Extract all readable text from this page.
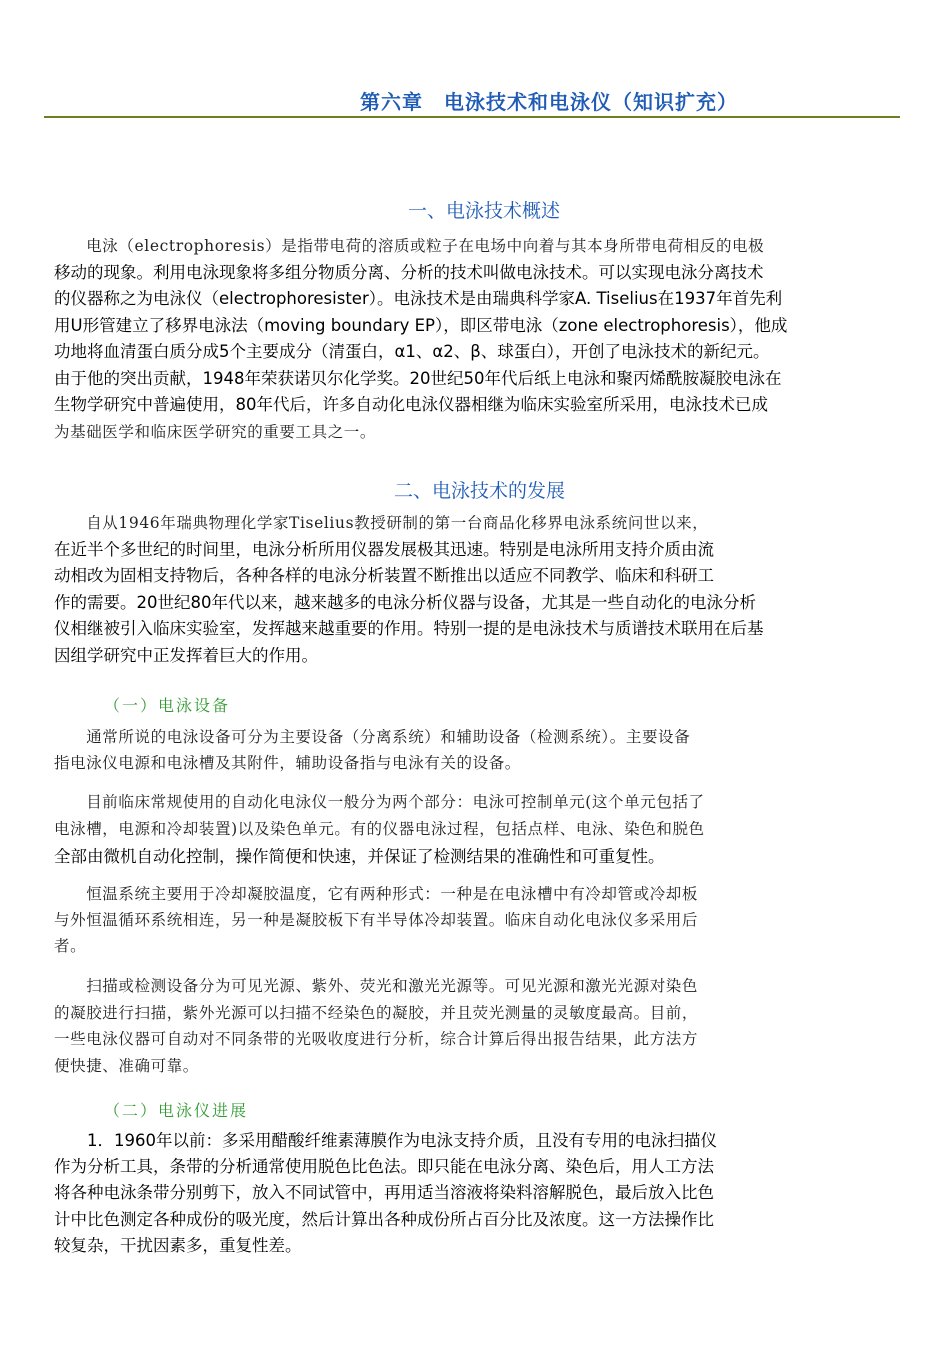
第六章　电泳技术和电泳仪（知识扩充）
一、电泳技术概述
　　电泳（electrophoresis）是指带电荷的溶质或粒子在电场中向着与其本身所带电荷相反的电极
移动的现象。利用电泳现象将多组分物质分离、分析的技术叫做电泳技术。可以实现电泳分离技术
的仪器称之为电泳仪（electrophoresister）。电泳技术是由瑞典科学家A. Tiselius在1937年首先利
用U形管建立了移界电泳法（moving boundary EP），即区带电泳（zone electrophoresis），他成
功地将血清蛋白质分成5个主要成分（清蛋白，α1、α2、β、球蛋白），开创了电泳技术的新纪元。
由于他的突出贡献，1948年荣获诺贝尔化学奖。20世纪50年代后纸上电泳和聚丙烯酰胺凝胶电泳在
生物学研究中普遍使用，80年代后，许多自动化电泳仪器相继为临床实验室所采用，电泳技术已成
为基础医学和临床医学研究的重要工具之一。
二、电泳技术的发展
　　自从1946年瑞典物理化学家Tiselius教授研制的第一台商品化移界电泳系统问世以来，
在近半个多世纪的时间里，电泳分析所用仪器发展极其迅速。特别是电泳所用支持介质由流
动相改为固相支持物后，各种各样的电泳分析装置不断推出以适应不同教学、临床和科研工
作的需要。20世纪80年代以来，越来越多的电泳分析仪器与设备，尤其是一些自动化的电泳分析
仪相继被引入临床实验室，发挥越来越重要的作用。特别一提的是电泳技术与质谱技术联用在后基
因组学研究中正发挥着巨大的作用。
（一）电泳设备
　　通常所说的电泳设备可分为主要设备（分离系统）和辅助设备（检测系统）。主要设备
指电泳仪电源和电泳槽及其附件，辅助设备指与电泳有关的设备。
　　目前临床常规使用的自动化电泳仪一般分为两个部分：电泳可控制单元(这个单元包括了
电泳槽，电源和冷却装置)以及染色单元。有的仪器电泳过程，包括点样、电泳、染色和脱色
全部由微机自动化控制，操作简便和快速，并保证了检测结果的准确性和可重复性。
　　恒温系统主要用于冷却凝胶温度，它有两种形式：一种是在电泳槽中有冷却管或冷却板
与外恒温循环系统相连，另一种是凝胶板下有半导体冷却装置。临床自动化电泳仪多采用后
者。
　　扫描或检测设备分为可见光源、紫外、荧光和激光光源等。可见光源和激光光源对染色
的凝胶进行扫描，紫外光源可以扫描不经染色的凝胶，并且荧光测量的灵敏度最高。目前，
一些电泳仪器可自动对不同条带的光吸收度进行分析，综合计算后得出报告结果，此方法方
便快捷、准确可靠。
（二）电泳仪进展
　　1．1960年以前：多采用醋酸纤维素薄膜作为电泳支持介质，且没有专用的电泳扫描仪
作为分析工具，条带的分析通常使用脱色比色法。即只能在电泳分离、染色后，用人工方法
将各种电泳条带分别剪下，放入不同试管中，再用适当溶液将染料溶解脱色，最后放入比色
计中比色测定各种成份的吸光度，然后计算出各种成份所占百分比及浓度。这一方法操作比
较复杂，干扰因素多，重复性差。
